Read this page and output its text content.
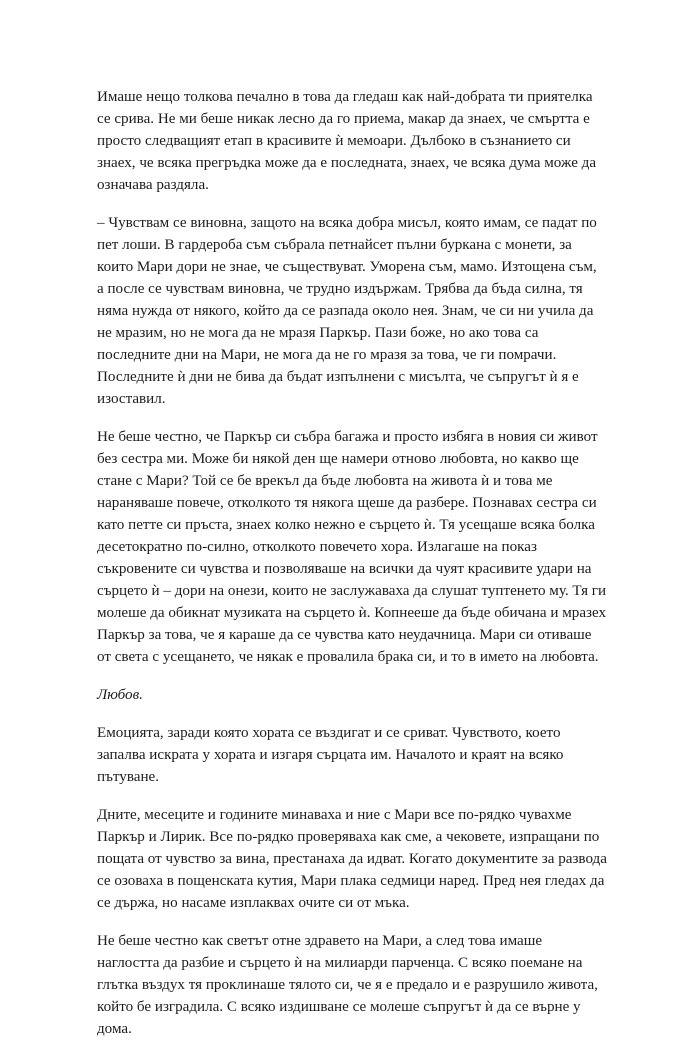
Имаше нещо толкова печално в това да гледаш как най-добрата ти приятелка се срива. Не ми беше никак лесно да го приема, макар да знаех, че смъртта е просто следващият етап в красивите ѝ мемоари. Дълбоко в съзнанието си знаех, че всяка прегръдка може да е последната, знаех, че всяка дума може да означава раздяла.

– Чувствам се виновна, защото на всяка добра мисъл, която имам, се падат по пет лоши. В гардероба съм събрала петнайсет пълни буркана с монети, за които Мари дори не знае, че съществуват. Уморена съм, мамо. Изтощена съм, а после се чувствам виновна, че трудно издържам. Трябва да бъда силна, тя няма нужда от някого, който да се разпада около нея. Знам, че си ни учила да не мразим, но не мога да не мразя Паркър. Пази боже, но ако това са последните дни на Мари, не мога да не го мразя за това, че ги помрачи. Последните ѝ дни не бива да бъдат изпълнени с мисълта, че съпругът ѝ я е изоставил.

Не беше честно, че Паркър си събра багажа и просто избяга в новия си живот без сестра ми. Може би някой ден ще намери отново любовта, но какво ще стане с Мари? Той се бе врекъл да бъде любовта на живота ѝ и това ме нараняваше повече, отколкото тя някога щеше да разбере. Познавах сестра си като петте си пръста, знаех колко нежно е сърцето ѝ. Тя усещаше всяка болка десетократно по-силно, отколкото повечето хора. Излагаше на показ съкровените си чувства и позволяваше на всички да чуят красивите удари на сърцето ѝ – дори на онези, които не заслужаваха да слушат туптенето му. Тя ги молеше да обикнат музиката на сърцето ѝ. Копнееше да бъде обичана и мразех Паркър за това, че я караше да се чувства като неудачница. Мари си отиваше от света с усещането, че някак е провалила брака си, и то в името на любовта.

Любов.

Емоцията, заради която хората се въздигат и се сриват. Чувството, което запалва искрата у хората и изгаря сърцата им. Началото и краят на всяко пътуване.

Дните, месеците и годините минаваха и ние с Мари все по-рядко чувахме Паркър и Лирик. Все по-рядко проверяваха как сме, а чековете, изпращани по пощата от чувство за вина, престанаха да идват. Когато документите за развода се озоваха в пощенската кутия, Мари плака седмици наред. Пред нея гледах да се държа, но насаме изплаквах очите си от мъка.

Не беше честно как светът отне здравето на Мари, а след това имаше наглостта да разбие и сърцето ѝ на милиарди парченца. С всяко поемане на глътка въздух тя проклинаше тялото си, че я е предало и е разрушило живота, който бе изградила. С всяко издишване се молеше съпругът ѝ да се върне у дома.
